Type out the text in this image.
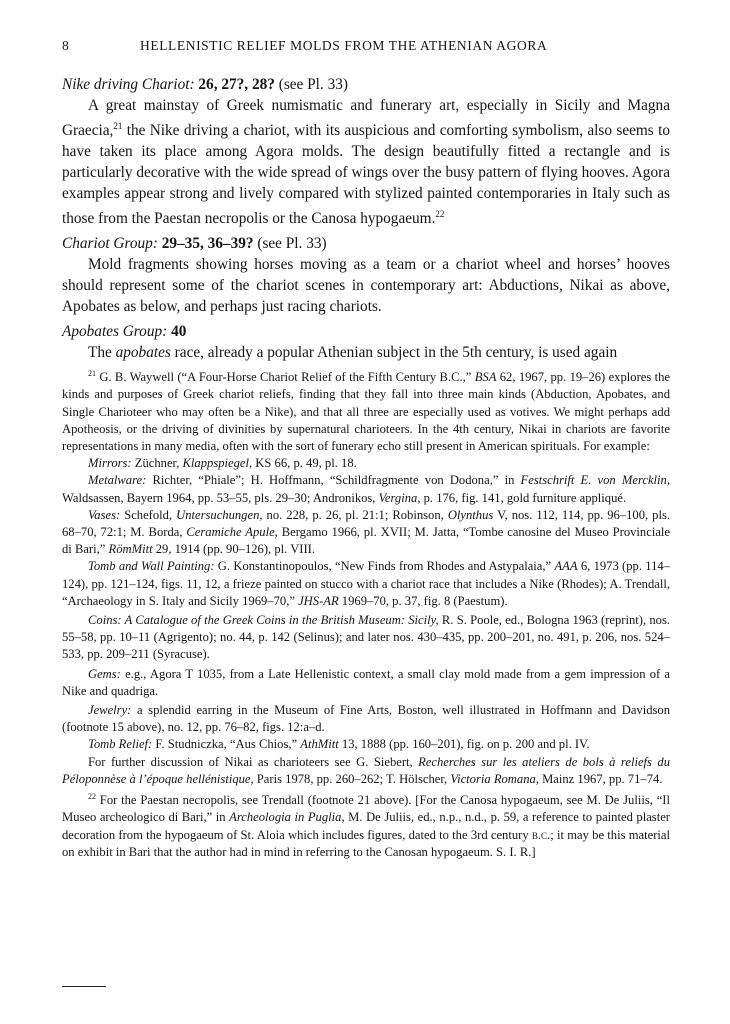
8	HELLENISTIC RELIEF MOLDS FROM THE ATHENIAN AGORA

Nike driving Chariot: 26, 27?, 28? (see Pl. 33)

A great mainstay of Greek numismatic and funerary art, especially in Sicily and Magna Graecia,$^{21}$ the Nike driving a chariot, with its auspicious and comforting symbolism, also seems to have taken its place among Agora molds. The design beautifully fitted a rectangle and is particularly decorative with the wide spread of wings over the busy pattern of flying hooves. Agora examples appear strong and lively compared with stylized painted contemporaries in Italy such as those from the Paestan necropolis or the Canosa hypogaeum.$^{22}$

Chariot Group: 29–35, 36–39? (see Pl. 33)

Mold fragments showing horses moving as a team or a chariot wheel and horses’ hooves should represent some of the chariot scenes in contemporary art: Abductions, Nikai as above, Apobates as below, and perhaps just racing chariots.

Apobates Group: 40

The apobates race, already a popular Athenian subject in the 5th century, is used again

$^{21}$ G. B. Waywell (“A Four-Horse Chariot Relief of the Fifth Century B.C.,” BSA 62, 1967, pp. 19–26) explores the kinds and purposes of Greek chariot reliefs, finding that they fall into three main kinds (Abduction, Apobates, and Single Charioteer who may often be a Nike), and that all three are especially used as votives. We might perhaps add Apotheosis, or the driving of divinities by supernatural charioteers. In the 4th century, Nikai in chariots are favorite representations in many media, often with the sort of funerary echo still present in American spirituals. For example:

Mirrors: Züchner, Klappspiegel, KS 66, p. 49, pl. 18.

Metalware: Richter, “Phiale”; H. Hoffmann, “Schildfragmente von Dodona,” in Festschrift E. von Mercklin, Waldsassen, Bayern 1964, pp. 53–55, pls. 29–30; Andronikos, Vergina, p. 176, fig. 141, gold furniture appliqué.

Vases: Schefold, Untersuchungen, no. 228, p. 26, pl. 21:1; Robinson, Olynthus V, nos. 112, 114, pp. 96–100, pls. 68–70, 72:1; M. Borda, Ceramiche Apule, Bergamo 1966, pl. XVII; M. Jatta, “Tombe canosine del Museo Provinciale di Bari,” RömMitt 29, 1914 (pp. 90–126), pl. VIII.

Tomb and Wall Painting: G. Konstantinopoulos, “New Finds from Rhodes and Astypalaia,” AAA 6, 1973 (pp. 114–124), pp. 121–124, figs. 11, 12, a frieze painted on stucco with a chariot race that includes a Nike (Rhodes); A. Trendall, “Archaeology in S. Italy and Sicily 1969–70,” JHS-AR 1969–70, p. 37, fig. 8 (Paestum).

Coins: A Catalogue of the Greek Coins in the British Museum: Sicily, R. S. Poole, ed., Bologna 1963 (reprint), nos. 55–58, pp. 10–11 (Agrigento); no. 44, p. 142 (Selinus); and later nos. 430–435, pp. 200–201, no. 491, p. 206, nos. 524–533, pp. 209–211 (Syracuse).

Gems: e.g., Agora T 1035, from a Late Hellenistic context, a small clay mold made from a gem impression of a Nike and quadriga.

Jewelry: a splendid earring in the Museum of Fine Arts, Boston, well illustrated in Hoffmann and Davidson (footnote 15 above), no. 12, pp. 76–82, figs. 12:a–d.

Tomb Relief: F. Studniczka, “Aus Chios,” AthMitt 13, 1888 (pp. 160–201), fig. on p. 200 and pl. IV.

For further discussion of Nikai as charioteers see G. Siebert, Recherches sur les ateliers de bols à reliefs du Péloponnèse à l’époque hellénistique, Paris 1978, pp. 260–262; T. Hölscher, Victoria Romana, Mainz 1967, pp. 71–74.

$^{22}$ For the Paestan necropolis, see Trendall (footnote 21 above). [For the Canosa hypogaeum, see M. De Juliis, “Il Museo archeologico di Bari,” in Archeologia in Puglia, M. De Juliis, ed., n.p., n.d., p. 59, a reference to painted plaster decoration from the hypogaeum of St. Aloia which includes figures, dated to the 3rd century b.c.; it may be this material on exhibit in Bari that the author had in mind in referring to the Canosan hypogaeum. S. I. R.]
